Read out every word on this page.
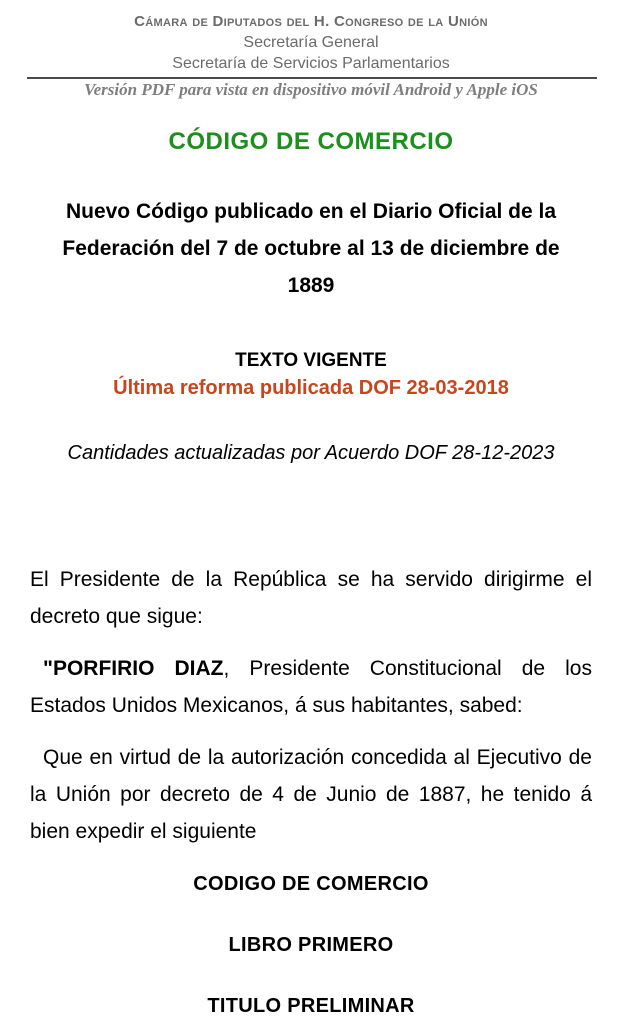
Cámara de Diputados del H. Congreso de la Unión
Secretaría General
Secretaría de Servicios Parlamentarios
Versión PDF para vista en dispositivo móvil Android y Apple iOS
CÓDIGO DE COMERCIO
Nuevo Código publicado en el Diario Oficial de la Federación del 7 de octubre al 13 de diciembre de 1889
TEXTO VIGENTE
Última reforma publicada DOF 28-03-2018
Cantidades actualizadas por Acuerdo DOF 28-12-2023

El Presidente de la República se ha servido dirigirme el decreto que sigue:

"PORFIRIO DIAZ, Presidente Constitucional de los Estados Unidos Mexicanos, á sus habitantes, sabed:

Que en virtud de la autorización concedida al Ejecutivo de la Unión por decreto de 4 de Junio de 1887, he tenido á bien expedir el siguiente

CODIGO DE COMERCIO
LIBRO PRIMERO
TITULO PRELIMINAR
